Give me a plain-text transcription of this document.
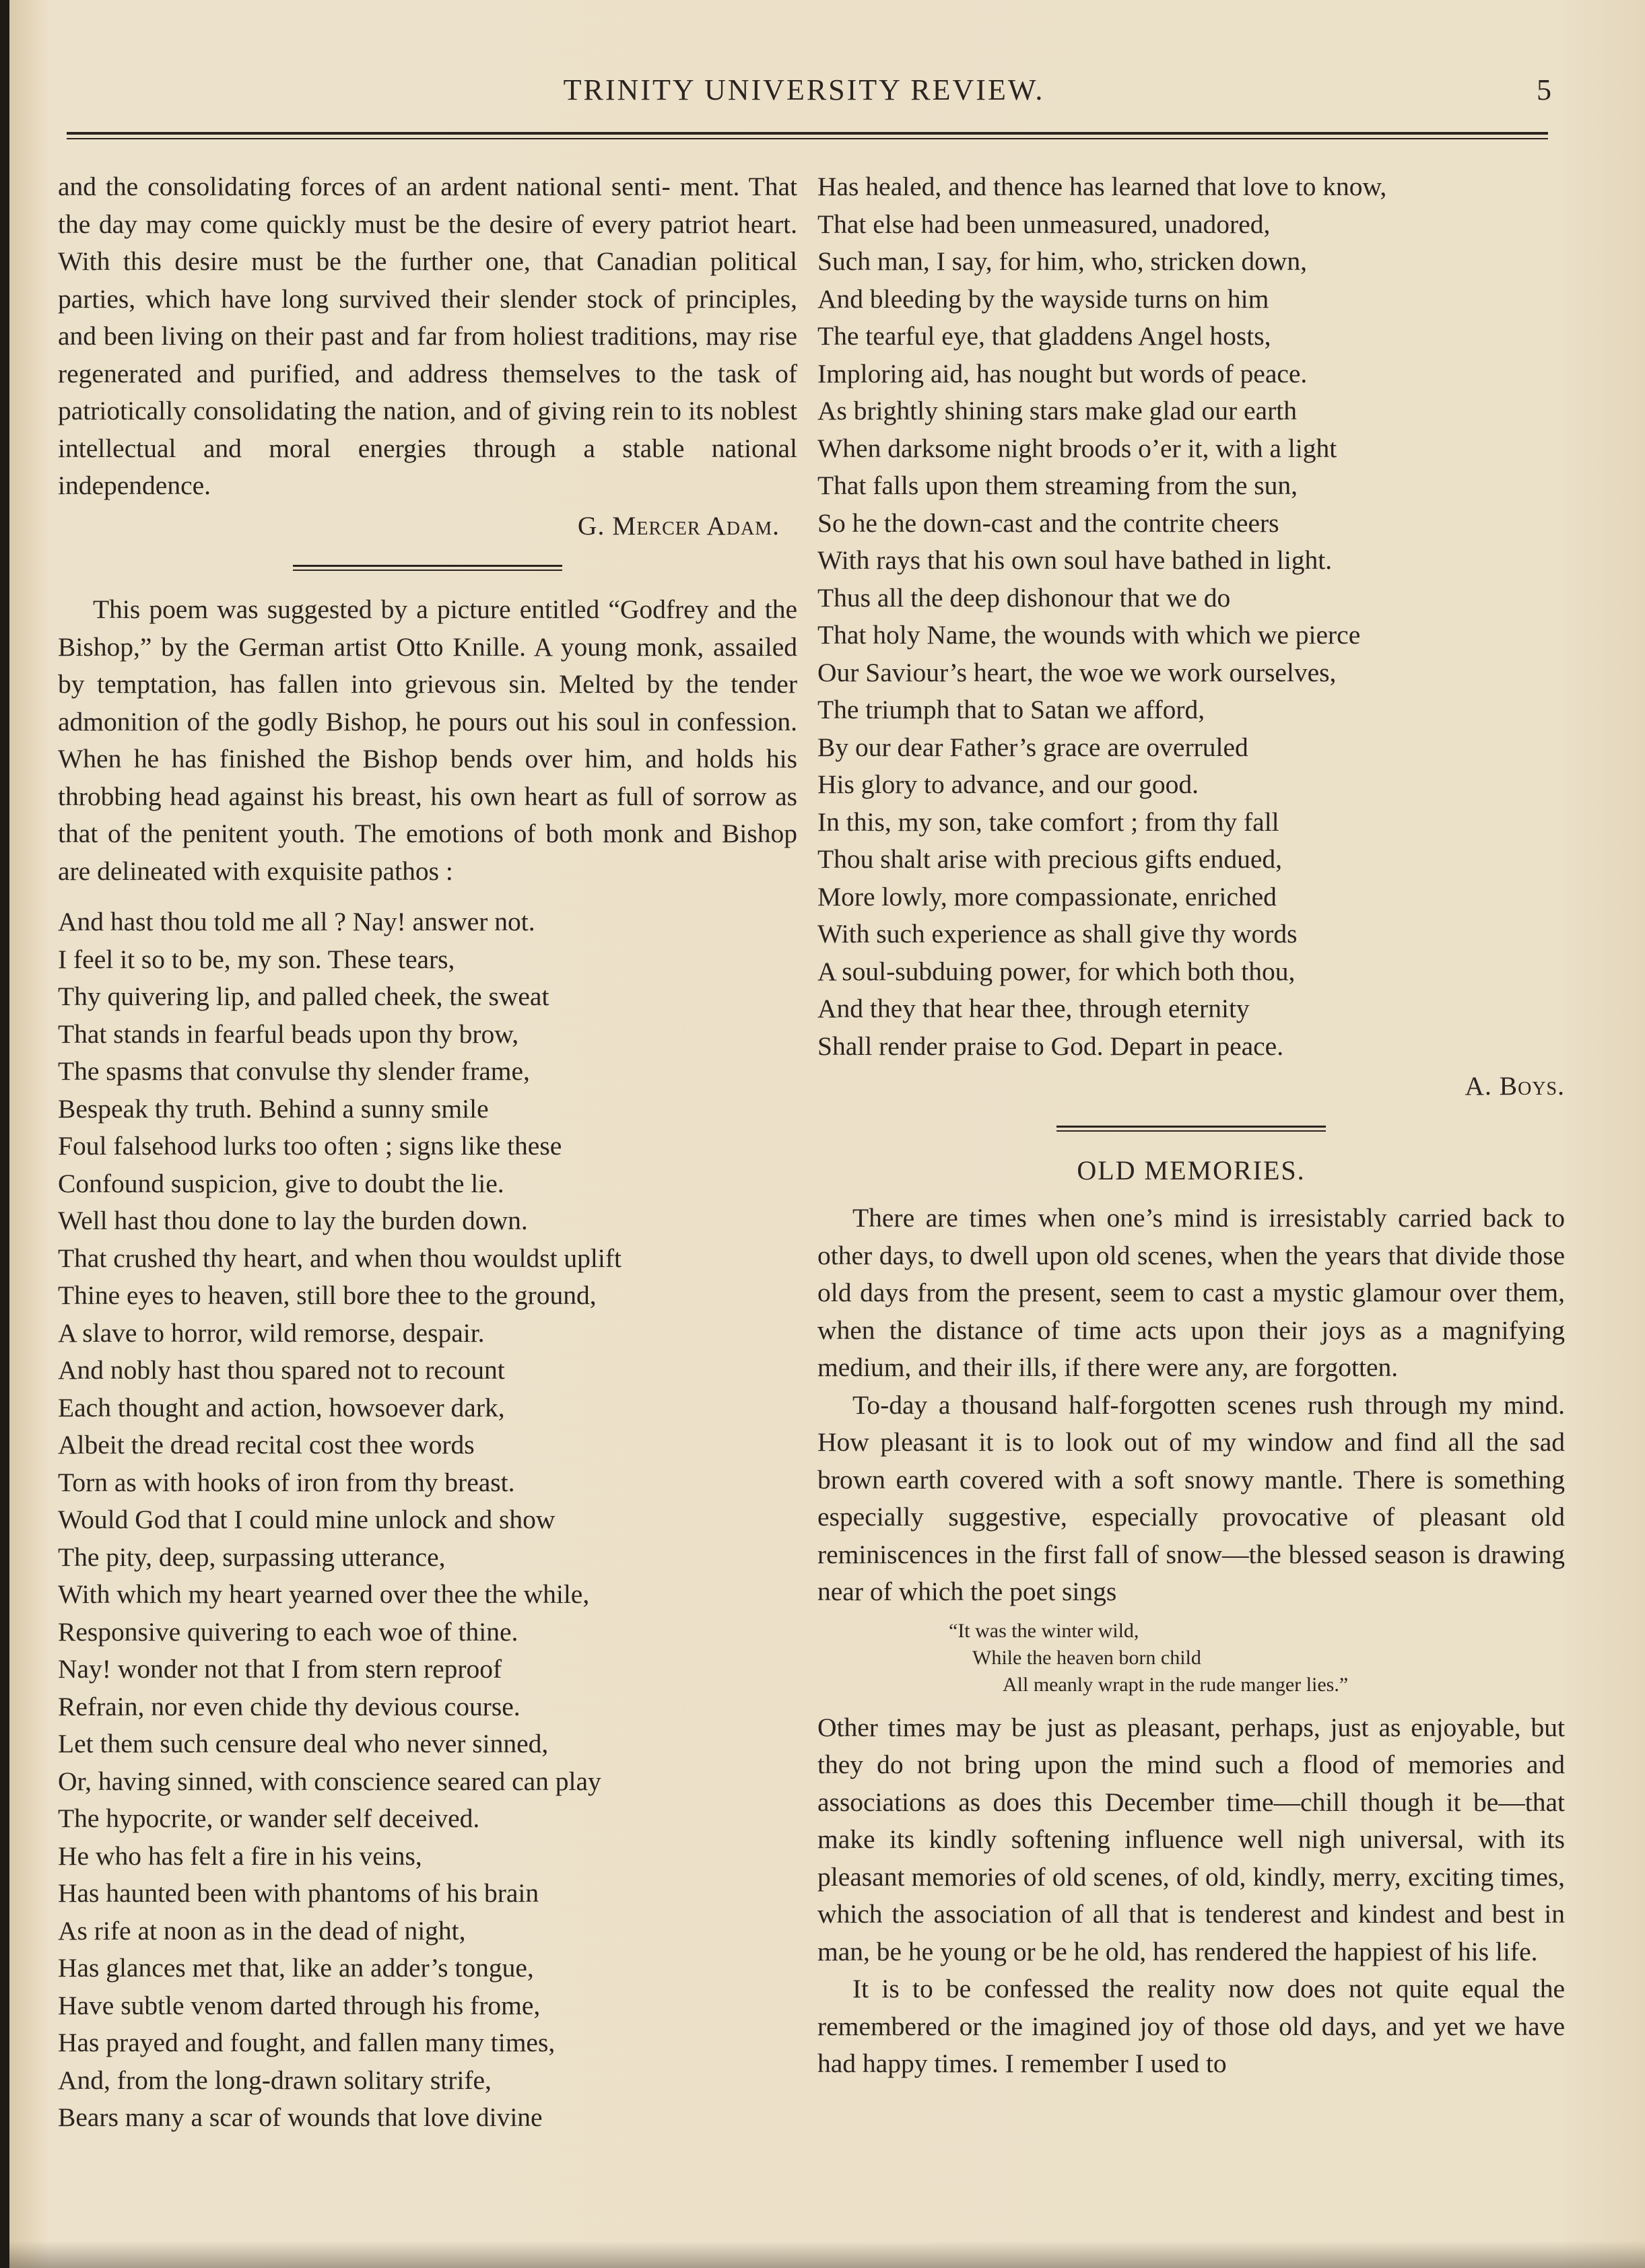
TRINITY UNIVERSITY REVIEW.	5

and the consolidating forces of an ardent national senti- ment. That the day may come quickly must be the desire of every patriot heart. With this desire must be the further one, that Canadian political parties, which have long survived their slender stock of principles, and been living on their past and far from holiest traditions, may rise regenerated and purified, and address themselves to the task of patriotically consolidating the nation, and of giving rein to its noblest intellectual and moral energies through a stable national independence.

G. Mercer Adam.

This poem was suggested by a picture entitled “Godfrey and the Bishop,” by the German artist Otto Knille. A young monk, assailed by temptation, has fallen into grievous sin. Melted by the tender admonition of the godly Bishop, he pours out his soul in confession. When he has finished the Bishop bends over him, and holds his throbbing head against his breast, his own heart as full of sorrow as that of the penitent youth. The emotions of both monk and Bishop are delineated with exquisite pathos :

And hast thou told me all ? Nay! answer not.
I feel it so to be, my son. These tears,
Thy quivering lip, and palled cheek, the sweat
That stands in fearful beads upon thy brow,
The spasms that convulse thy slender frame,
Bespeak thy truth. Behind a sunny smile
Foul falsehood lurks too often ; signs like these
Confound suspicion, give to doubt the lie.
Well hast thou done to lay the burden down.
That crushed thy heart, and when thou wouldst uplift
Thine eyes to heaven, still bore thee to the ground,
A slave to horror, wild remorse, despair.
And nobly hast thou spared not to recount
Each thought and action, howsoever dark,
Albeit the dread recital cost thee words
Torn as with hooks of iron from thy breast.
Would God that I could mine unlock and show
The pity, deep, surpassing utterance,
With which my heart yearned over thee the while,
Responsive quivering to each woe of thine.
Nay! wonder not that I from stern reproof
Refrain, nor even chide thy devious course.
Let them such censure deal who never sinned,
Or, having sinned, with conscience seared can play
The hypocrite, or wander self deceived.
He who has felt a fire in his veins,
Has haunted been with phantoms of his brain
As rife at noon as in the dead of night,
Has glances met that, like an adder’s tongue,
Have subtle venom darted through his frome,
Has prayed and fought, and fallen many times,
And, from the long-drawn solitary strife,
Bears many a scar of wounds that love divine
Has healed, and thence has learned that love to know,
That else had been unmeasured, unadored,
Such man, I say, for him, who, stricken down,
And bleeding by the wayside turns on him
The tearful eye, that gladdens Angel hosts,
Imploring aid, has nought but words of peace.
As brightly shining stars make glad our earth
When darksome night broods o’er it, with a light
That falls upon them streaming from the sun,
So he the down-cast and the contrite cheers
With rays that his own soul have bathed in light.
Thus all the deep dishonour that we do
That holy Name, the wounds with which we pierce
Our Saviour’s heart, the woe we work ourselves,
The triumph that to Satan we afford,
By our dear Father’s grace are overruled
His glory to advance, and our good.
In this, my son, take comfort ; from thy fall
Thou shalt arise with precious gifts endued,
More lowly, more compassionate, enriched
With such experience as shall give thy words
A soul-subduing power, for which both thou,
And they that hear thee, through eternity
Shall render praise to God. Depart in peace.

A. Boys.

OLD MEMORIES.

There are times when one’s mind is irresistably carried back to other days, to dwell upon old scenes, when the years that divide those old days from the present, seem to cast a mystic glamour over them, when the distance of time acts upon their joys as a magnifying medium, and their ills, if there were any, are forgotten.

To-day a thousand half-forgotten scenes rush through my mind. How pleasant it is to look out of my window and find all the sad brown earth covered with a soft snowy mantle. There is something especially suggestive, especially provocative of pleasant old reminiscences in the first fall of snow—the blessed season is drawing near of which the poet sings

“It was the winter wild,
While the heaven born child
All meanly wrapt in the rude manger lies.”

Other times may be just as pleasant, perhaps, just as enjoyable, but they do not bring upon the mind such a flood of memories and associations as does this December time—chill though it be—that make its kindly softening influence well nigh universal, with its pleasant memories of old scenes, of old, kindly, merry, exciting times, which the association of all that is tenderest and kindest and best in man, be he young or be he old, has rendered the happiest of his life.

It is to be confessed the reality now does not quite equal the remembered or the imagined joy of those old days, and yet we have had happy times. I remember I used to
